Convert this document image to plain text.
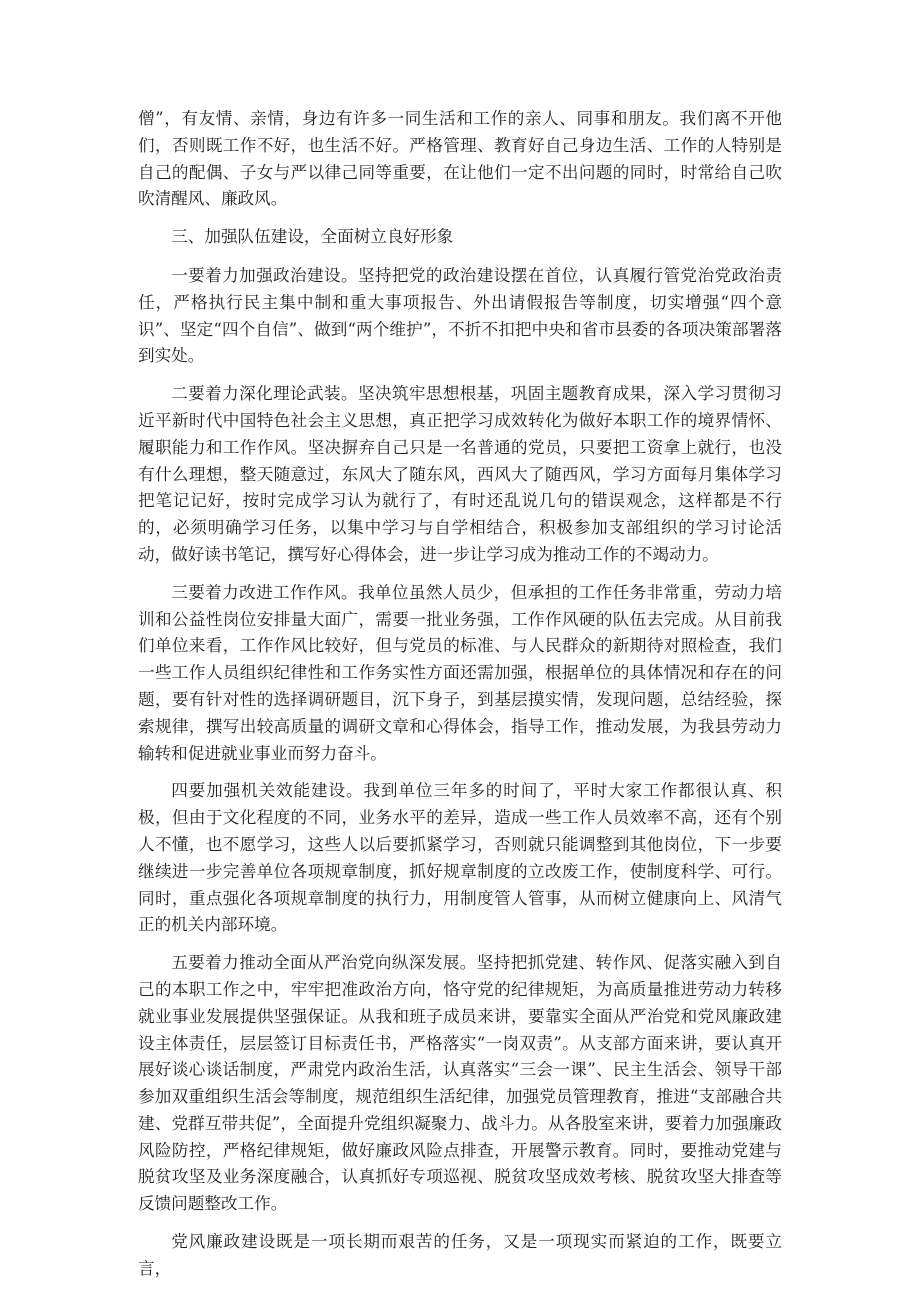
僧”，有友情、亲情，身边有许多一同生活和工作的亲人、同事和朋友。我们离不开他们，否则既工作不好，也生活不好。严格管理、教育好自己身边生活、工作的人特别是自己的配偶、子女与严以律己同等重要，在让他们一定不出问题的同时，时常给自己吹吹清醒风、廉政风。

三、加强队伍建设，全面树立良好形象

一要着力加强政治建设。坚持把党的政治建设摆在首位，认真履行管党治党政治责任，严格执行民主集中制和重大事项报告、外出请假报告等制度，切实增强“四个意识”、坚定“四个自信”、做到“两个维护”，不折不扣把中央和省市县委的各项决策部署落到实处。

二要着力深化理论武装。坚决筑牢思想根基，巩固主题教育成果，深入学习贯彻习近平新时代中国特色社会主义思想，真正把学习成效转化为做好本职工作的境界情怀、履职能力和工作作风。坚决摒弃自己只是一名普通的党员，只要把工资拿上就行，也没有什么理想，整天随意过，东风大了随东风，西风大了随西风，学习方面每月集体学习把笔记记好，按时完成学习认为就行了，有时还乱说几句的错误观念，这样都是不行的，必须明确学习任务，以集中学习与自学相结合，积极参加支部组织的学习讨论活动，做好读书笔记，撰写好心得体会，进一步让学习成为推动工作的不竭动力。

三要着力改进工作作风。我单位虽然人员少，但承担的工作任务非常重，劳动力培训和公益性岗位安排量大面广，需要一批业务强，工作作风硬的队伍去完成。从目前我们单位来看，工作作风比较好，但与党员的标准、与人民群众的新期待对照检查，我们一些工作人员组织纪律性和工作务实性方面还需加强，根据单位的具体情况和存在的问题，要有针对性的选择调研题目，沉下身子，到基层摸实情，发现问题，总结经验，探索规律，撰写出较高质量的调研文章和心得体会，指导工作，推动发展，为我县劳动力输转和促进就业事业而努力奋斗。

四要加强机关效能建设。我到单位三年多的时间了，平时大家工作都很认真、积极，但由于文化程度的不同，业务水平的差异，造成一些工作人员效率不高，还有个别人不懂，也不愿学习，这些人以后要抓紧学习，否则就只能调整到其他岗位，下一步要继续进一步完善单位各项规章制度，抓好规章制度的立改废工作，使制度科学、可行。同时，重点强化各项规章制度的执行力，用制度管人管事，从而树立健康向上、风清气正的机关内部环境。

五要着力推动全面从严治党向纵深发展。坚持把抓党建、转作风、促落实融入到自己的本职工作之中，牢牢把准政治方向，恪守党的纪律规矩，为高质量推进劳动力转移就业事业发展提供坚强保证。从我和班子成员来讲，要靠实全面从严治党和党风廉政建设主体责任，层层签订目标责任书，严格落实“一岗双责”。从支部方面来讲，要认真开展好谈心谈话制度，严肃党内政治生活，认真落实“三会一课”、民主生活会、领导干部参加双重组织生活会等制度，规范组织生活纪律，加强党员管理教育，推进“支部融合共建、党群互带共促”，全面提升党组织凝聚力、战斗力。从各股室来讲，要着力加强廉政风险防控，严格纪律规矩，做好廉政风险点排查，开展警示教育。同时，要推动党建与脱贫攻坚及业务深度融合，认真抓好专项巡视、脱贫攻坚成效考核、脱贫攻坚大排查等反馈问题整改工作。

党风廉政建设既是一项长期而艰苦的任务，又是一项现实而紧迫的工作，既要立言，
